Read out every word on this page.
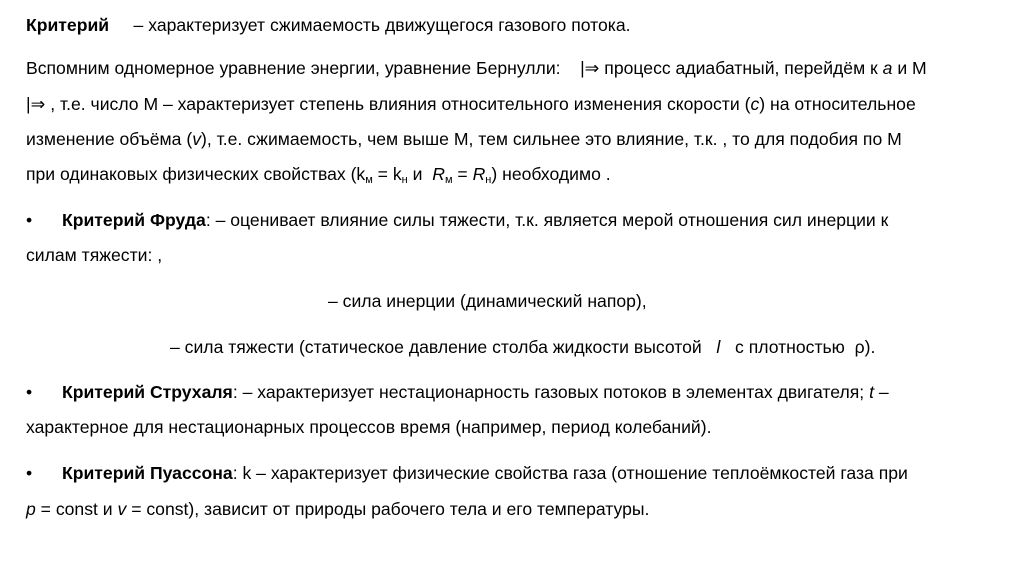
Критерий – характеризует сжимаемость движущегося газового потока.
Вспомним одномерное уравнение энергии, уравнение Бернулли: |⇒ процесс адиабатный, перейдём к a и М
|⇒ , т.е. число М – характеризует степень влияния относительного изменения скорости (c) на относительное
изменение объёма (v), т.е. сжимаемость, чем выше М, тем сильнее это влияние, т.к. , то для подобия по М
при одинаковых физических свойствах ($k_м = k_н$ и  $R_м = R_н$) необходимо .
• Критерий Фруда: – оценивает влияние силы тяжести, т.к. является мерой отношения сил инерции к
силам тяжести: ,
– сила инерции (динамический напор),
– сила тяжести (статическое давление столба жидкости высотой l с плотностью ρ).
• Критерий Струхаля: – характеризует нестационарность газовых потоков в элементах двигателя; t –
характерное для нестационарных процессов время (например, период колебаний).
• Критерий Пуассона: k – характеризует физические свойства газа (отношение теплоёмкостей газа при
p = const и v = const), зависит от природы рабочего тела и его температуры.
